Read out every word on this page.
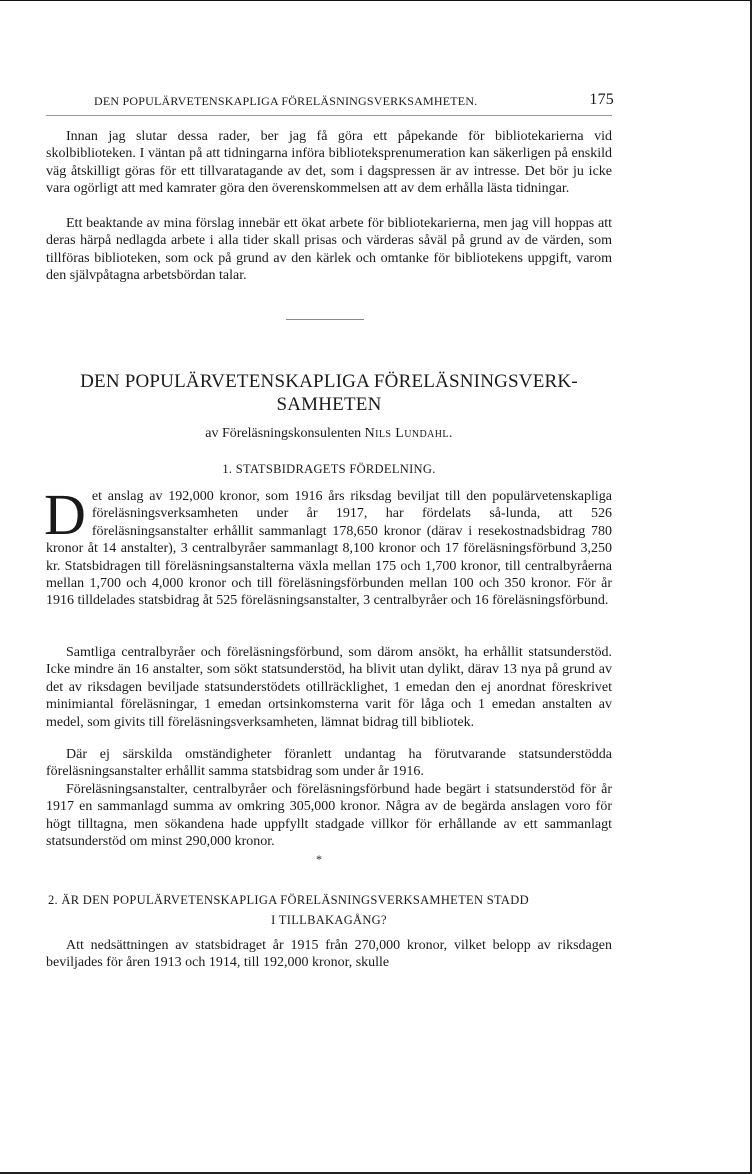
DEN POPULÄRVETENSKAPLIGA FÖRELÄSNINGSVERKSAMHETEN.	175

Innan jag slutar dessa rader, ber jag få göra ett påpekande för bibliotekarierna vid skolbiblioteken. I väntan på att tidningarna införa biblioteksprenumeration kan säkerligen på enskild väg åtskilligt göras för ett tillvaratagande av det, som i dagspressen är av intresse. Det bör ju icke vara ogörligt att med kamrater göra den överenskommelsen att av dem erhålla lästa tidningar.

Ett beaktande av mina förslag innebär ett ökat arbete för bibliotekarierna, men jag vill hoppas att deras härpå nedlagda arbete i alla tider skall prisas och värderas såväl på grund av de värden, som tillföras biblioteken, som ock på grund av den kärlek och omtanke för bibliotekens uppgift, varom den självpåtagna arbetsbördan talar.

DEN POPULÄRVETENSKAPLIGA FÖRELÄSNINGSVERK-
SAMHETEN
av Föreläsningskonsulenten Nils Lundahl.
1. STATSBIDRAGETS FÖRDELNING.
Det anslag av 192,000 kronor, som 1916 års riksdag beviljat till den populärvetenskapliga föreläsningsverksamheten under år 1917, har fördelats så-lunda, att 526 föreläsningsanstalter erhållit sammanlagt 178,650 kronor (därav i resekostnadsbidrag 780 kronor åt 14 anstalter), 3 centralbyråer sammanlagt 8,100 kronor och 17 föreläsningsförbund 3,250 kr. Statsbidragen till föreläsningsanstalterna växla mellan 175 och 1,700 kronor, till centralbyråerna mellan 1,700 och 4,000 kronor och till föreläsningsförbunden mellan 100 och 350 kronor. För år 1916 tilldelades statsbidrag åt 525 föreläsningsanstalter, 3 centralbyråer och 16 föreläsningsförbund.

Samtliga centralbyråer och föreläsningsförbund, som därom ansökt, ha erhållit statsunderstöd. Icke mindre än 16 anstalter, som sökt statsunderstöd, ha blivit utan dylikt, därav 13 nya på grund av det av riksdagen beviljade statsunderstödets otillräcklighet, 1 emedan den ej anordnat föreskrivet minimiantal föreläsningar, 1 emedan ortsinkomsterna varit för låga och 1 emedan anstalten av medel, som givits till föreläsningsverksamheten, lämnat bidrag till bibliotek.

Där ej särskilda omständigheter föranlett undantag ha förutvarande statsunderstödda föreläsningsanstalter erhållit samma statsbidrag som under år 1916.

Föreläsningsanstalter, centralbyråer och föreläsningsförbund hade begärt i statsunderstöd för år 1917 en sammanlagd summa av omkring 305,000 kronor. Några av de begärda anslagen voro för högt tilltagna, men sökandena hade uppfyllt stadgade villkor för erhållande av ett sammanlagt statsunderstöd om minst 290,000 kronor.

*
2. ÄR DEN POPULÄRVETENSKAPLIGA FÖRELÄSNINGSVERKSAMHETEN STADD
I TILLBAKAGÅNG?

Att nedsättningen av statsbidraget år 1915 från 270,000 kronor, vilket belopp av riksdagen beviljades för åren 1913 och 1914, till 192,000 kronor, skulle
